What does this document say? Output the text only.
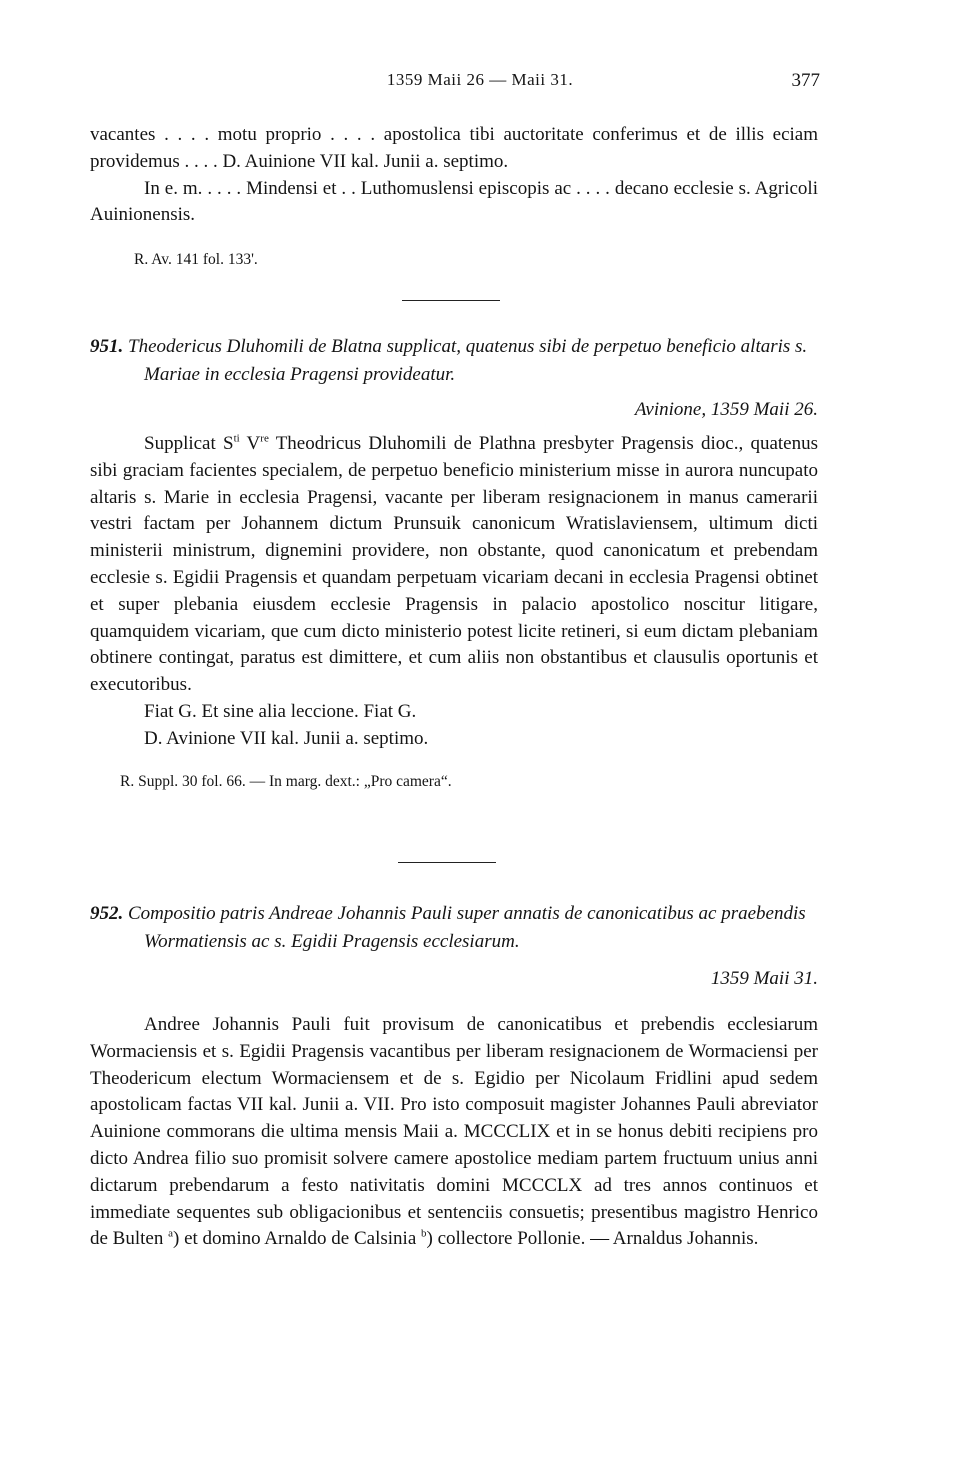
1359 Maii 26 — Maii 31.	377

vacantes . . . . motu proprio . . . . apostolica tibi auctoritate conferimus et de illis eciam providemus . . . . D. Auinione VII kal. Junii a. septimo.

In e. m. . . . . Mindensi et . . Luthomuslensi episcopis ac . . . . decano ecclesie s. Agricoli Auinionensis.

R. Av. 141 fol. 133'.

951. Theodericus Dluhomili de Blatna supplicat, quatenus sibi de perpetuo beneficio altaris s. Mariae in ecclesia Pragensi provideatur.
Avinione, 1359 Maii 26.

Supplicat $S^{ti}$ Vre Theodricus Dluhomili de Plathna presbyter Pragensis dioc., quatenus sibi graciam facientes specialem, de perpetuo beneficio ministerium misse in aurora nuncupato altaris s. Marie in ecclesia Pragensi, vacante per liberam resignacionem in manus camerarii vestri factam per Johannem dictum Prunsuik canonicum Wratislaviensem, ultimum dicti ministerii ministrum, dignemini providere, non obstante, quod canonicatum et prebendam ecclesie s. Egidii Pragensis et quandam perpetuam vicariam decani in ecclesia Pragensi obtinet et super plebania eiusdem ecclesie Pragensis in palacio apostolico noscitur litigare, quamquidem vicariam, que cum dicto ministerio potest licite retineri, si eum dictam plebaniam obtinere contingat, paratus est dimittere, et cum aliis non obstantibus et clausulis oportunis et executoribus.

Fiat G. Et sine alia leccione. Fiat G.

D. Avinione VII kal. Junii a. septimo.

R. Suppl. 30 fol. 66. — In marg. dext.: „Pro camera“.

952. Compositio patris Andreae Johannis Pauli super annatis de canonicatibus ac praebendis Wormatiensis ac s. Egidii Pragensis ecclesiarum.
1359 Maii 31.

Andree Johannis Pauli fuit provisum de canonicatibus et prebendis ecclesiarum Wormaciensis et s. Egidii Pragensis vacantibus per liberam resignacionem de Wormaciensi per Theodericum electum Wormaciensem et de s. Egidio per Nicolaum Fridlini apud sedem apostolicam factas VII kal. Junii a. VII. Pro isto composuit magister Johannes Pauli abreviator Auinione commorans die ultima mensis Maii a. MCCCLIX et in se honus debiti recipiens pro dicto Andrea filio suo promisit solvere camere apostolice mediam partem fructuum unius anni dictarum prebendarum a festo nativitatis domini MCCCLX ad tres annos continuos et immediate sequentes sub obligacionibus et sentenciis consuetis; presentibus magistro Henrico de Bulten $^a$) et domino Arnaldo de Calsinia $^b$) collectore Pollonie. — Arnaldus Johannis.
